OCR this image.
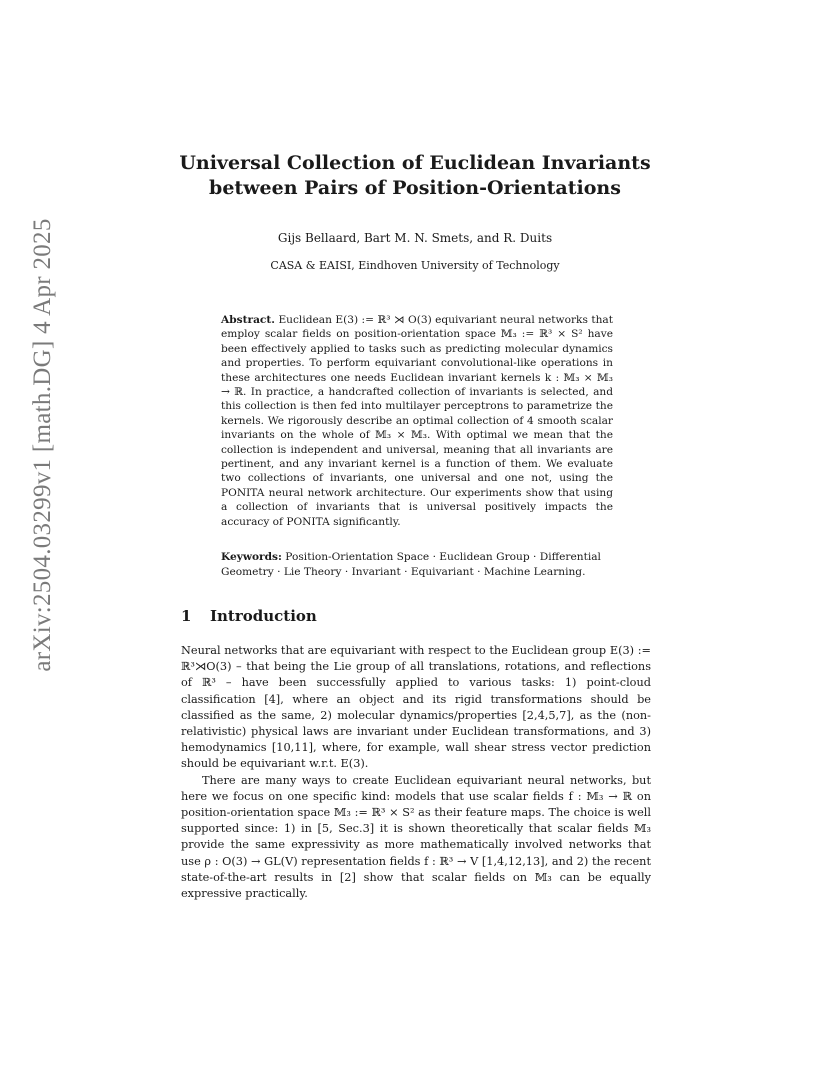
arXiv:2504.03299v1 [math.DG] 4 Apr 2025
Universal Collection of Euclidean Invariants
between Pairs of Position-Orientations
Gijs Bellaard, Bart M. N. Smets, and R. Duits
CASA & EAISI, Eindhoven University of Technology
Abstract. Euclidean E(3) := ℝ³ ⋊ O(3) equivariant neural networks that employ scalar fields on position-orientation space 𝕄₃ := ℝ³ × S² have been effectively applied to tasks such as predicting molecular dynamics and properties. To perform equivariant convolutional-like operations in these architectures one needs Euclidean invariant kernels k : 𝕄₃ × 𝕄₃ → ℝ. In practice, a handcrafted collection of invariants is selected, and this collection is then fed into multilayer perceptrons to parametrize the kernels. We rigorously describe an optimal collection of 4 smooth scalar invariants on the whole of 𝕄₃ × 𝕄₃. With optimal we mean that the collection is independent and universal, meaning that all invariants are pertinent, and any invariant kernel is a function of them. We evaluate two collections of invariants, one universal and one not, using the PONITA neural network architecture. Our experiments show that using a collection of invariants that is universal positively impacts the accuracy of PONITA significantly.
Keywords: Position-Orientation Space · Euclidean Group · Differential Geometry · Lie Theory · Invariant · Equivariant · Machine Learning.
1 Introduction

Neural networks that are equivariant with respect to the Euclidean group E(3) := ℝ³⋊O(3) – that being the Lie group of all translations, rotations, and reflections of ℝ³ – have been successfully applied to various tasks: 1) point-cloud classification [4], where an object and its rigid transformations should be classified as the same, 2) molecular dynamics/properties [2,4,5,7], as the (non-relativistic) physical laws are invariant under Euclidean transformations, and 3) hemodynamics [10,11], where, for example, wall shear stress vector prediction should be equivariant w.r.t. E(3).

There are many ways to create Euclidean equivariant neural networks, but here we focus on one specific kind: models that use scalar fields f : 𝕄₃ → ℝ on position-orientation space 𝕄₃ := ℝ³ × S² as their feature maps. The choice is well supported since: 1) in [5, Sec.3] it is shown theoretically that scalar fields 𝕄₃ provide the same expressivity as more mathematically involved networks that use ρ : O(3) → GL(V) representation fields f : ℝ³ → V [1,4,12,13], and 2) the recent state-of-the-art results in [2] show that scalar fields on 𝕄₃ can be equally expressive practically.
